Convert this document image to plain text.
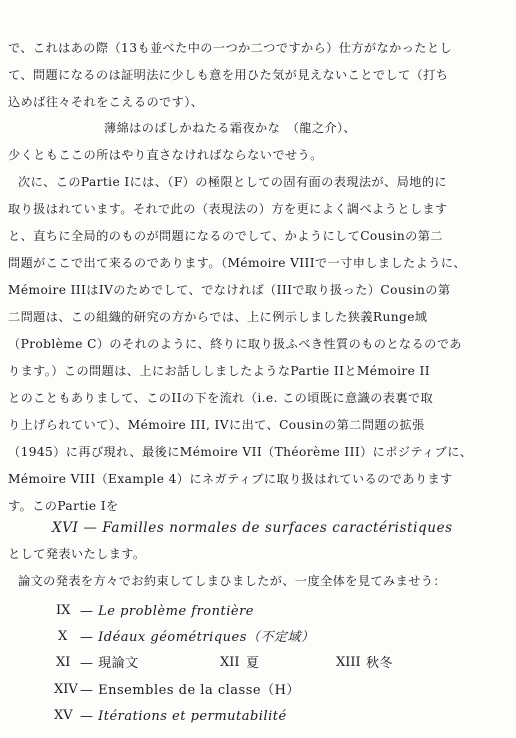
で、これはあの際（13も並べた中の一つか二つですから）仕方がなかったとし
て、問題になるのは証明法に少しも意を用ひた気が見えないことでして（打ち
込めば往々それをこえるのです）、
薄綿はのばしかねたる霜夜かな　（龍之介）、
少くともここの所はやり直さなければならないでせう。
次に、このPartie Iには、（F）の極限としての固有面の表現法が、局地的に
取り扱はれています。それで此の（表現法の）方を更によく調べようとします
と、直ちに全局的のものが問題になるのでして、かようにしてCousinの第二
問題がここで出て来るのであります。（Mémoire VIIIで一寸申しましたように、
Mémoire IIIはIVのためでして、でなければ（IIIで取り扱った）Cousinの第
二問題は、この組織的研究の方からでは、上に例示しました狭義Runge域
（Problème C）のそれのように、終りに取り扱ふべき性質のものとなるのであ
ります。）この問題は、上にお話ししましたようなPartie IIとMémoire II
とのこともありまして、このIIの下を流れ（i.e. この頃既に意識の表裏で取
り上げられていて）、Mémoire III, IVに出て、Cousinの第二問題の拡張
（1945）に再び現れ、最後にMémoire VII（Théorème III）にポジティブに、
Mémoire VIII（Example 4）にネガティブに取り扱はれているのであります
す。このPartie Iを
XVI — Familles normales de surfaces caractéristiques
として発表いたします。
論文の発表を方々でお約束してしまひましたが、一度全体を見てみませう：
IX — Le problème frontière
X — Idéaux géométriques（不定域）
XI — 現論文	XII 夏	XIII 秋冬
XIV — Ensembles de la classe（H）
XV — Itérations et permutabilité
